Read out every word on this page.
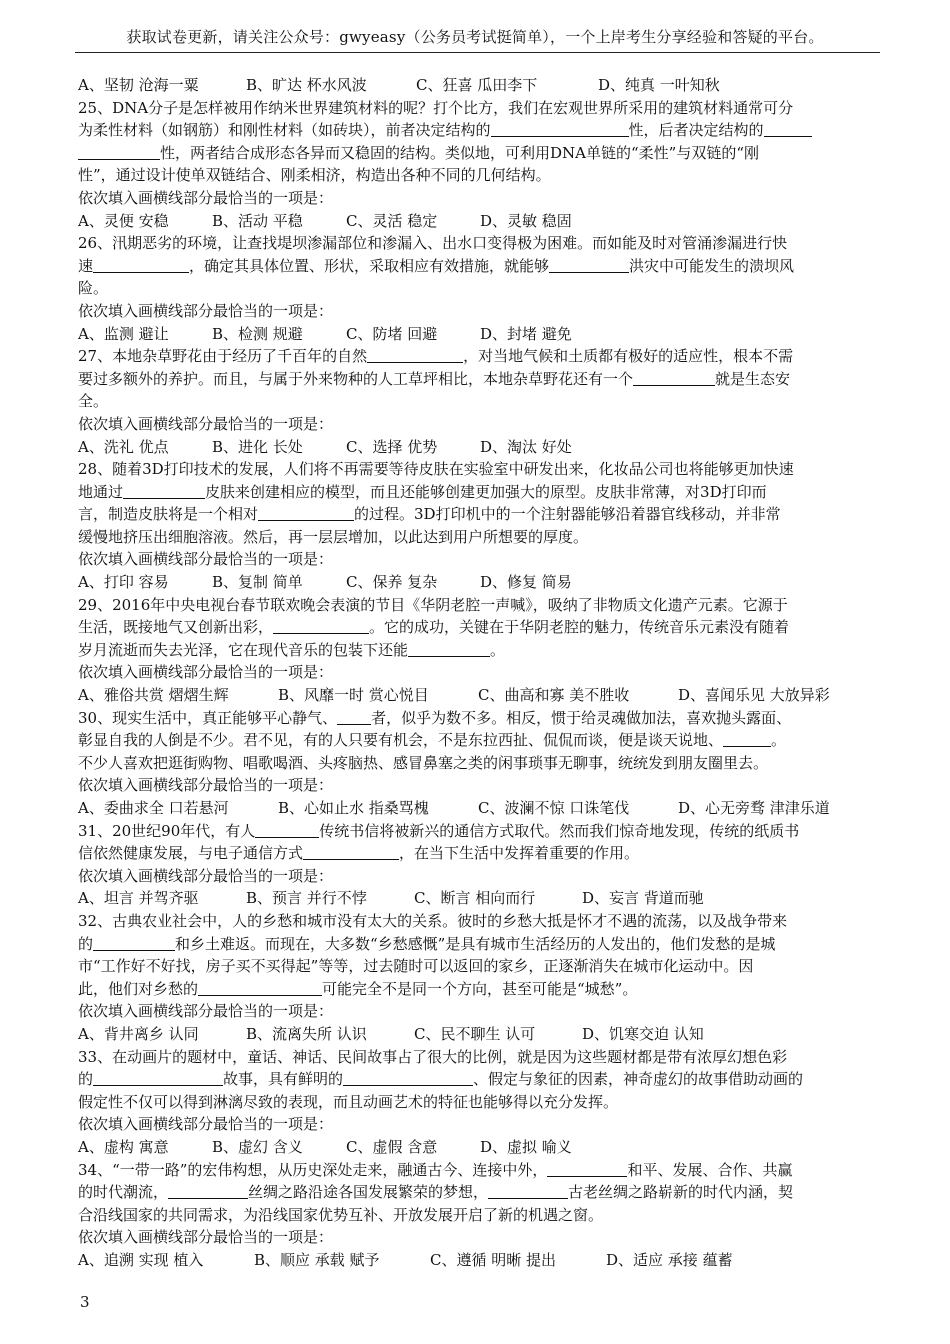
获取试卷更新，请关注公众号：gwyeasy（公务员考试挺简单），一个上岸考生分享经验和答疑的平台。
A、坚韧 沧海一粟	B、旷达 杯水风波	C、狂喜 瓜田李下	D、纯真 一叶知秋
25、DNA分子是怎样被用作纳米世界建筑材料的呢？打个比方，我们在宏观世界所采用的建筑材料通常可分
为柔性材料（如钢筋）和刚性材料（如砖块），前者决定结构的	性，后者决定结构的
性，两者结合成形态各异而又稳固的结构。类似地，可利用DNA单链的“柔性”与双链的“刚
性”，通过设计使单双链结合、刚柔相济，构造出各种不同的几何结构。
依次填入画横线部分最恰当的一项是：
A、灵便 安稳	B、活动 平稳	C、灵活 稳定	D、灵敏 稳固
26、汛期恶劣的环境，让查找堤坝渗漏部位和渗漏入、出水口变得极为困难。而如能及时对管涌渗漏进行快
速	，确定其具体位置、形状，采取相应有效措施，就能够	洪灾中可能发生的溃坝风
险。
依次填入画横线部分最恰当的一项是：
A、监测 避让	B、检测 规避	C、防堵 回避	D、封堵 避免
27、本地杂草野花由于经历了千百年的自然	，对当地气候和土质都有极好的适应性，根本不需
要过多额外的养护。而且，与属于外来物种的人工草坪相比，本地杂草野花还有一个	就是生态安
全。
依次填入画横线部分最恰当的一项是：
A、洗礼 优点	B、进化 长处	C、选择 优势	D、淘汰 好处
28、随着3D打印技术的发展，人们将不再需要等待皮肤在实验室中研发出来，化妆品公司也将能够更加快速
地通过	皮肤来创建相应的模型，而且还能够创建更加强大的原型。皮肤非常薄，对3D打印而
言，制造皮肤将是一个相对	的过程。3D打印机中的一个注射器能够沿着器官线移动，并非常
缓慢地挤压出细胞溶液。然后，再一层层增加，以此达到用户所想要的厚度。
依次填入画横线部分最恰当的一项是：
A、打印 容易	B、复制 简单	C、保养 复杂	D、修复 简易
29、2016年中央电视台春节联欢晚会表演的节目《华阴老腔一声喊》，吸纳了非物质文化遗产元素。它源于
生活，既接地气又创新出彩，	。它的成功，关键在于华阴老腔的魅力，传统音乐元素没有随着
岁月流逝而失去光泽，它在现代音乐的包装下还能	。
依次填入画横线部分最恰当的一项是：
A、雅俗共赏 熠熠生辉	B、风靡一时 赏心悦目	C、曲高和寡 美不胜收	D、喜闻乐见 大放异彩
30、现实生活中，真正能够平心静气、 者，似乎为数不多。相反，惯于给灵魂做加法，喜欢抛头露面、
彰显自我的人倒是不少。君不见，有的人只要有机会，不是东拉西扯、侃侃而谈，便是谈天说地、	。
不少人喜欢把逛街购物、唱歌喝酒、头疼脑热、感冒鼻塞之类的闲事琐事无聊事，统统发到朋友圈里去。
依次填入画横线部分最恰当的一项是：
A、委曲求全 口若悬河	B、心如止水 指桑骂槐	C、波澜不惊 口诛笔伐	D、心无旁骛 津津乐道
31、20世纪90年代，有人	传统书信将被新兴的通信方式取代。然而我们惊奇地发现，传统的纸质书
信依然健康发展，与电子通信方式	，在当下生活中发挥着重要的作用。
依次填入画横线部分最恰当的一项是：
A、坦言 并驾齐驱	B、预言 并行不悖	C、断言 相向而行	D、妄言 背道而驰
32、古典农业社会中，人的乡愁和城市没有太大的关系。彼时的乡愁大抵是怀才不遇的流荡，以及战争带来
的	和乡土难返。而现在，大多数“乡愁感慨”是具有城市生活经历的人发出的，他们发愁的是城
市“工作好不好找，房子买不买得起”等等，过去随时可以返回的家乡，正逐渐消失在城市化运动中。因
此，他们对乡愁的	可能完全不是同一个方向，甚至可能是“城愁”。
依次填入画横线部分最恰当的一项是：
A、背井离乡 认同	B、流离失所 认识	C、民不聊生 认可	D、饥寒交迫 认知
33、在动画片的题材中，童话、神话、民间故事占了很大的比例，就是因为这些题材都是带有浓厚幻想色彩
的	故事，具有鲜明的	、假定与象征的因素，神奇虚幻的故事借助动画的
假定性不仅可以得到淋漓尽致的表现，而且动画艺术的特征也能够得以充分发挥。
依次填入画横线部分最恰当的一项是：
A、虚构 寓意	B、虚幻 含义	C、虚假 含意	D、虚拟 喻义
34、“一带一路”的宏伟构想，从历史深处走来，融通古今、连接中外，	和平、发展、合作、共赢
的时代潮流，	丝绸之路沿途各国发展繁荣的梦想，	古老丝绸之路崭新的时代内涵，契
合沿线国家的共同需求，为沿线国家优势互补、开放发展开启了新的机遇之窗。
依次填入画横线部分最恰当的一项是：
A、追溯 实现 植入	B、顺应 承载 赋予	C、遵循 明晰 提出	D、适应 承接 蕴蓄
3
